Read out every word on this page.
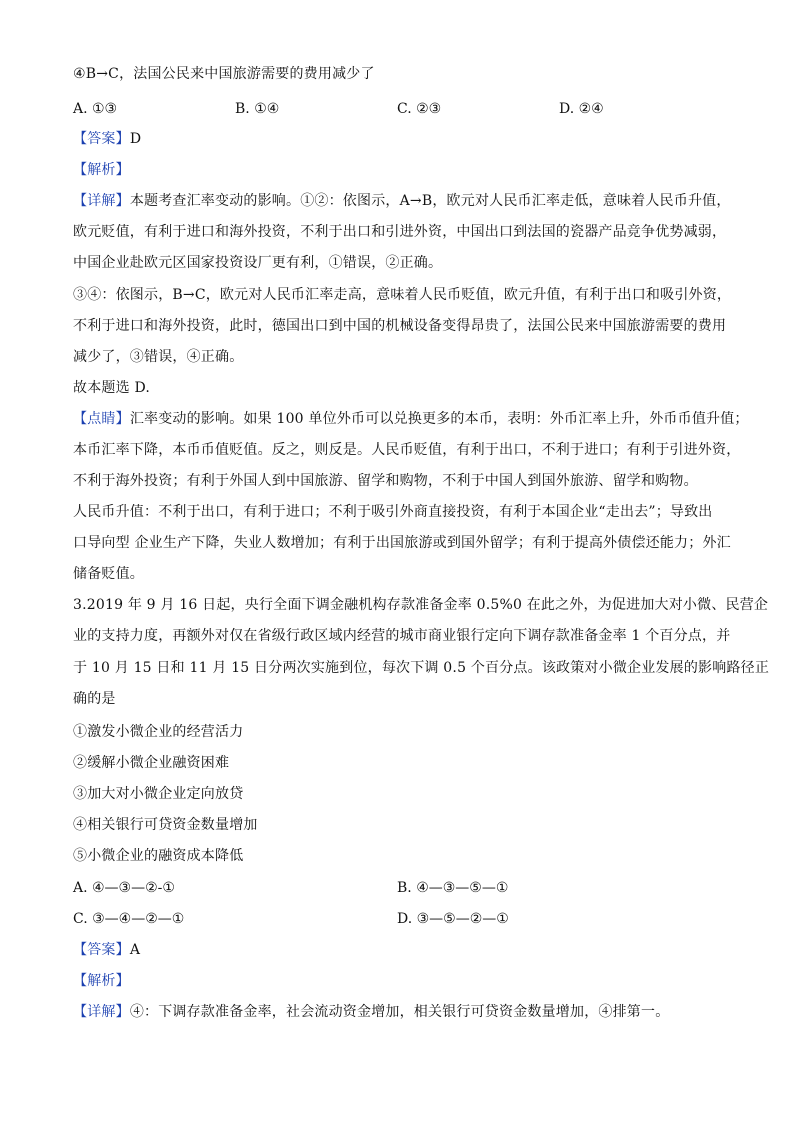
④B→C，法国公民来中国旅游需要的费用减少了
A. ①③	B. ①④	C. ②③	D. ②④
【答案】D
【解析】
【详解】本题考查汇率变动的影响。①②：依图示，A→B，欧元对人民币汇率走低，意味着人民币升值，
欧元贬值，有利于进口和海外投资，不利于出口和引进外资，中国出口到法国的瓷器产品竞争优势减弱，
中国企业赴欧元区国家投资设厂更有利，①错误，②正确。
③④：依图示，B→C，欧元对人民币汇率走高，意味着人民币贬值，欧元升值，有利于出口和吸引外资，
不利于进口和海外投资，此时，德国出口到中国的机械设备变得昂贵了，法国公民来中国旅游需要的费用
减少了，③错误，④正确。
故本题选 D.
【点睛】汇率变动的影响。如果 100 单位外币可以兑换更多的本币，表明：外币汇率上升，外币币值升值；
本币汇率下降，本币币值贬值。反之，则反是。人民币贬值，有利于出口，不利于进口；有利于引进外资，
不利于海外投资；有利于外国人到中国旅游、留学和购物，不利于中国人到国外旅游、留学和购物。
人民币升值：不利于出口，有利于进口；不利于吸引外商直接投资，有利于本国企业“走出去”；导致出
口导向型 企业生产下降，失业人数增加；有利于出国旅游或到国外留学；有利于提高外债偿还能力；外汇
储备贬值。
3.2019 年 9 月 16 日起，央行全面下调金融机构存款准备金率 0.5%0 在此之外，为促进加大对小微、民营企
业的支持力度，再额外对仅在省级行政区域内经营的城市商业银行定向下调存款准备金率 1 个百分点，并
于 10 月 15 日和 11 月 15 日分两次实施到位，每次下调 0.5 个百分点。该政策对小微企业发展的影响路径正
确的是
①激发小微企业的经营活力
②缓解小微企业融资困难
③加大对小微企业定向放贷
④相关银行可贷资金数量增加
⑤小微企业的融资成本降低
A. ④—③—②-①	B. ④—③—⑤—①
C. ③—④—②—①	D. ③—⑤—②—①
【答案】A
【解析】
【详解】④：下调存款准备金率，社会流动资金增加，相关银行可贷资金数量增加，④排第一。
